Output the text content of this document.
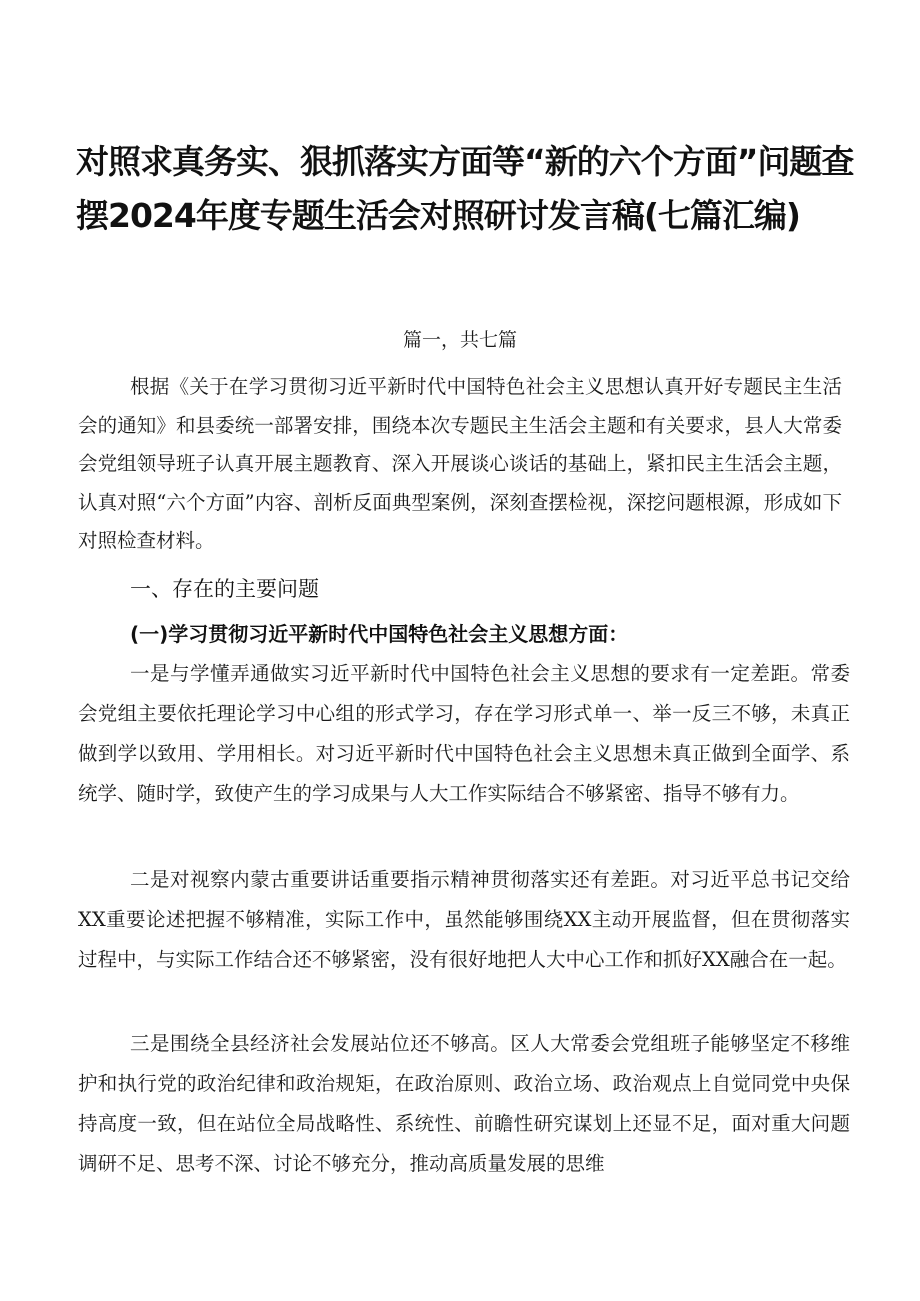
对照求真务实、狠抓落实方面等“新的六个方面”问题查
摆2024年度专题生活会对照研讨发言稿(七篇汇编)
篇一，共七篇

根据《关于在学习贯彻习近平新时代中国特色社会主义思想认真开好专题民主生活会的通知》和县委统一部署安排，围绕本次专题民主生活会主题和有关要求，县人大常委会党组领导班子认真开展主题教育、深入开展谈心谈话的基础上，紧扣民主生活会主题，认真对照“六个方面”内容、剖析反面典型案例，深刻查摆检视，深挖问题根源，形成如下对照检查材料。

一、存在的主要问题
(一)学习贯彻习近平新时代中国特色社会主义思想方面：

一是与学懂弄通做实习近平新时代中国特色社会主义思想的要求有一定差距。常委会党组主要依托理论学习中心组的形式学习，存在学习形式单一、举一反三不够，未真正做到学以致用、学用相长。对习近平新时代中国特色社会主义思想未真正做到全面学、系统学、随时学，致使产生的学习成果与人大工作实际结合不够紧密、指导不够有力。

二是对视察内蒙古重要讲话重要指示精神贯彻落实还有差距。对习近平总书记交给XX重要论述把握不够精准，实际工作中，虽然能够围绕XX主动开展监督，但在贯彻落实过程中，与实际工作结合还不够紧密，没有很好地把人大中心工作和抓好XX融合在一起。

三是围绕全县经济社会发展站位还不够高。区人大常委会党组班子能够坚定不移维护和执行党的政治纪律和政治规矩，在政治原则、政治立场、政治观点上自觉同党中央保持高度一致，但在站位全局战略性、系统性、前瞻性研究谋划上还显不足，面对重大问题调研不足、思考不深、讨论不够充分，推动高质量发展的思维
